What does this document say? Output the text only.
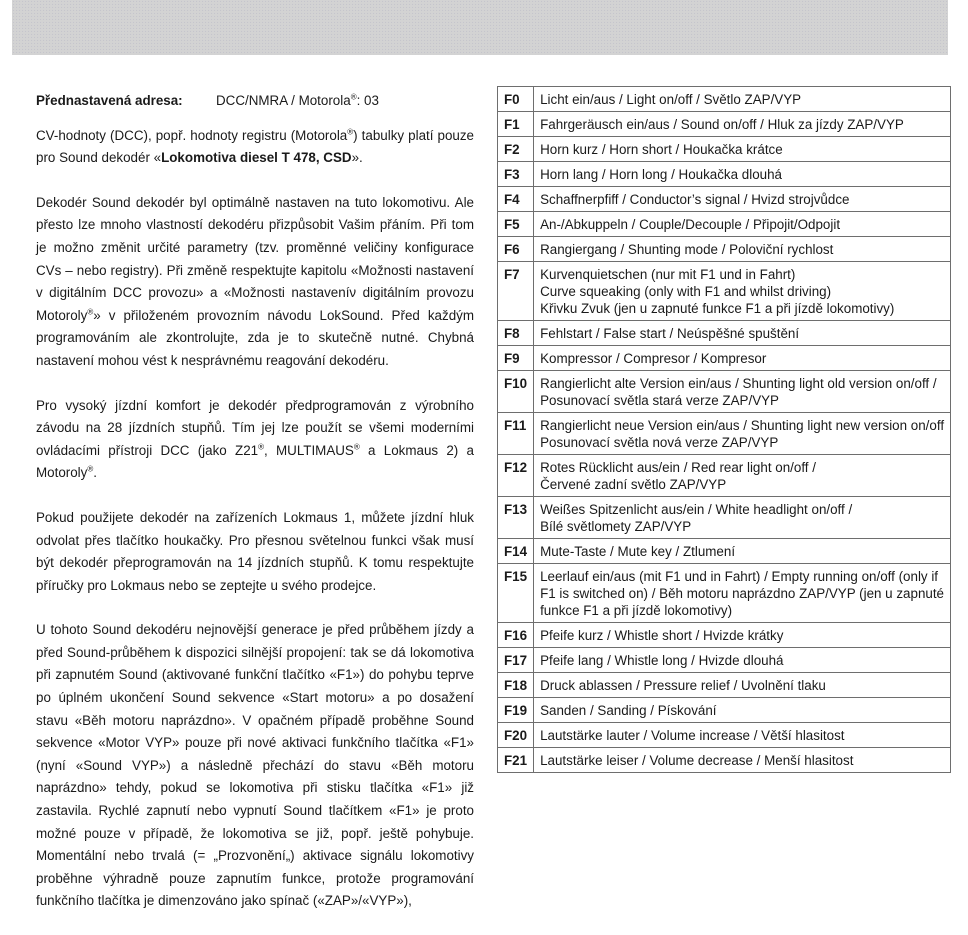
Přednastavená adresa:	DCC/NMRA / Motorola®: 03

CV-hodnoty (DCC), popř. hodnoty registru (Motorola®) tabulky platí pouze pro Sound dekodér «Lokomotiva diesel T 478, CSD».

Dekodér Sound dekodér byl optimálně nastaven na tuto lokomotivu. Ale přesto lze mnoho vlastností dekodéru přizpůsobit Vašim přáním. Při tom je možno změnit určité parametry (tzv. proměnné veličiny konfigurace CVs – nebo registry). Při změně respektujte kapitolu «Možnosti nastavení v digitálním DCC provozu» a «Možnosti nastaveníν digitálním provozu Motoroly®» v přiloženém provozním návodu LokSound. Před každým programováním ale zkontrolujte, zda je to skutečně nutné. Chybná nastavení mohou vést k nesprávnému reagování dekodéru.

Pro vysoký jízdní komfort je dekodér předprogramován z výrobního závodu na 28 jízdních stupňů. Tím jej lze použít se všemi moderními ovládacími přístroji DCC (jako Z21®, MULTIMAUS® a Lokmaus 2) a Motoroly®.

Pokud použijete dekodér na zařízeních Lokmaus 1, můžete jízdní hluk odvolat přes tlačítko houkačky. Pro přesnou světelnou funkci však musí být dekodér přeprogramován na 14 jízdních stupňů. K tomu respektujte příručky pro Lokmaus nebo se zeptejte u svého prodejce.

U tohoto Sound dekodéru nejnovější generace je před průběhem jízdy a před Sound-průběhem k dispozici silnější propojení: tak se dá lokomotiva při zapnutém Sound (aktivované funkční tlačítko «F1») do pohybu teprve po úplném ukončení Sound sekvence «Start motoru» a po dosažení stavu «Běh motoru naprázdno». V opačném případě proběhne Sound sekvence «Motor VYP» pouze při nové aktivaci funkčního tlačítka «F1» (nyní «Sound VYP») a následně přechází do stavu «Běh motoru naprázdno» tehdy, pokud se lokomotiva při stisku tlačítka «F1» již zastavila. Rychlé zapnutí nebo vypnutí Sound tlačítkem «F1» je proto možné pouze v případě, že lokomotiva se již, popř. ještě pohybuje. Momentální nebo trvalá (= „Prozvonění„) aktivace signálu lokomotivy proběhne výhradně pouze zapnutím funkce, protože programování funkčního tlačítka je dimenzováno jako spínač («ZAP»/«VYP»),

F0	Licht ein/aus / Light on/off / Světlo ZAP/VYP

F1	Fahrgeräusch ein/aus / Sound on/off / Hluk za jízdy ZAP/VYP

F2	Horn kurz / Horn short / Houkačka krátce

F3	Horn lang / Horn long / Houkačka dlouhá

F4	Schaffnerpfiff / Conductor’s signal / Hvizd strojvůdce

F5	An-/Abkuppeln / Couple/Decouple / Připojit/Odpojit

F6	Rangiergang / Shunting mode / Poloviční rychlost

F7	Kurvenquietschen (nur mit F1 und in Fahrt)
Curve squeaking (only with F1 and whilst driving)
Křivku Zvuk (jen u zapnuté funkce F1 a při jízdě lokomotivy)

F8	Fehlstart / False start / Neúspěšné spuštění

F9	Kompressor / Compresor / Kompresor

F10	Rangierlicht alte Version ein/aus / Shunting light old version on/off /
Posunovací světla stará verze ZAP/VYP

F11	Rangierlicht neue Version ein/aus / Shunting light new version on/off
Posunovací světla nová verze ZAP/VYP

F12	Rotes Rücklicht aus/ein / Red rear light on/off /
Červené zadní světlo ZAP/VYP

F13	Weißes Spitzenlicht aus/ein / White headlight on/off /
Bílé světlomety ZAP/VYP

F14	Mute-Taste / Mute key / Ztlumení

F15	Leerlauf ein/aus (mit F1 und in Fahrt) / Empty running on/off (only if
F1 is switched on) / Běh motoru naprázdno ZAP/VYP (jen u zapnuté
funkce F1 a při jízdě lokomotivy)

F16	Pfeife kurz / Whistle short / Hvizde krátky

F17	Pfeife lang / Whistle long / Hvizde dlouhá

F18	Druck ablassen / Pressure relief / Uvolnění tlaku

F19	Sanden / Sanding / Pískování

F20	Lautstärke lauter / Volume increase / Větší hlasitost

F21	Lautstärke leiser / Volume decrease / Menší hlasitost
